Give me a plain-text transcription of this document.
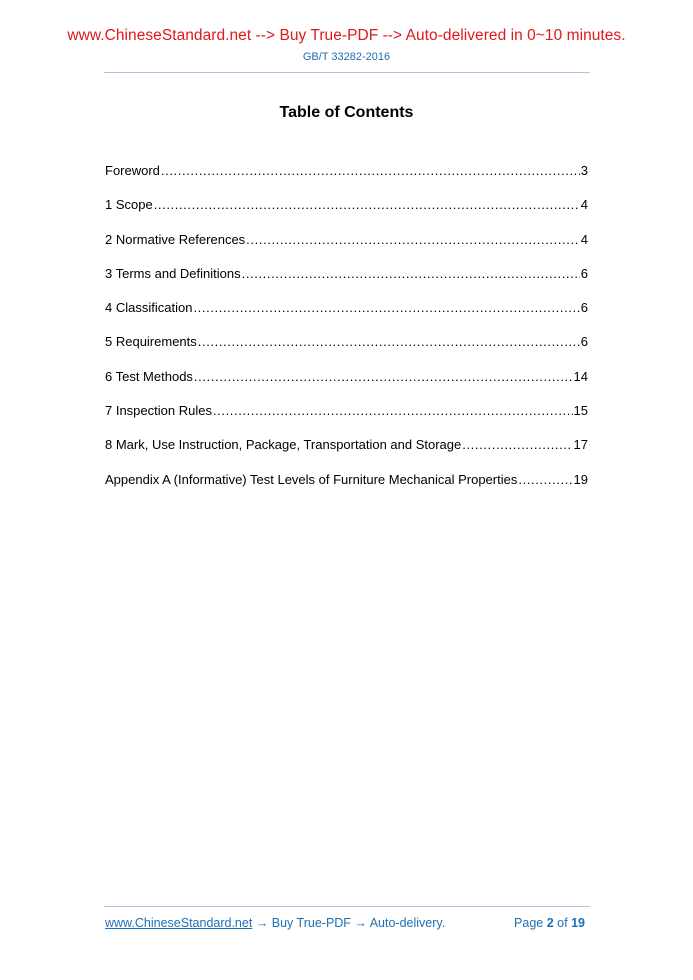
www.ChineseStandard.net --> Buy True-PDF --> Auto-delivered in 0~10 minutes.
GB/T 33282-2016
Table of Contents
Foreword .....	3
1 Scope .....	4
2 Normative References .....	4
3 Terms and Definitions .....	6
4 Classification .....	6
5 Requirements .....	6
6 Test Methods .....	14
7 Inspection Rules .....	15
8 Mark, Use Instruction, Package, Transportation and Storage .....	17
Appendix A (Informative) Test Levels of Furniture Mechanical Properties .....	19
www.ChineseStandard.net → Buy True-PDF → Auto-delivery.	Page 2 of 19
